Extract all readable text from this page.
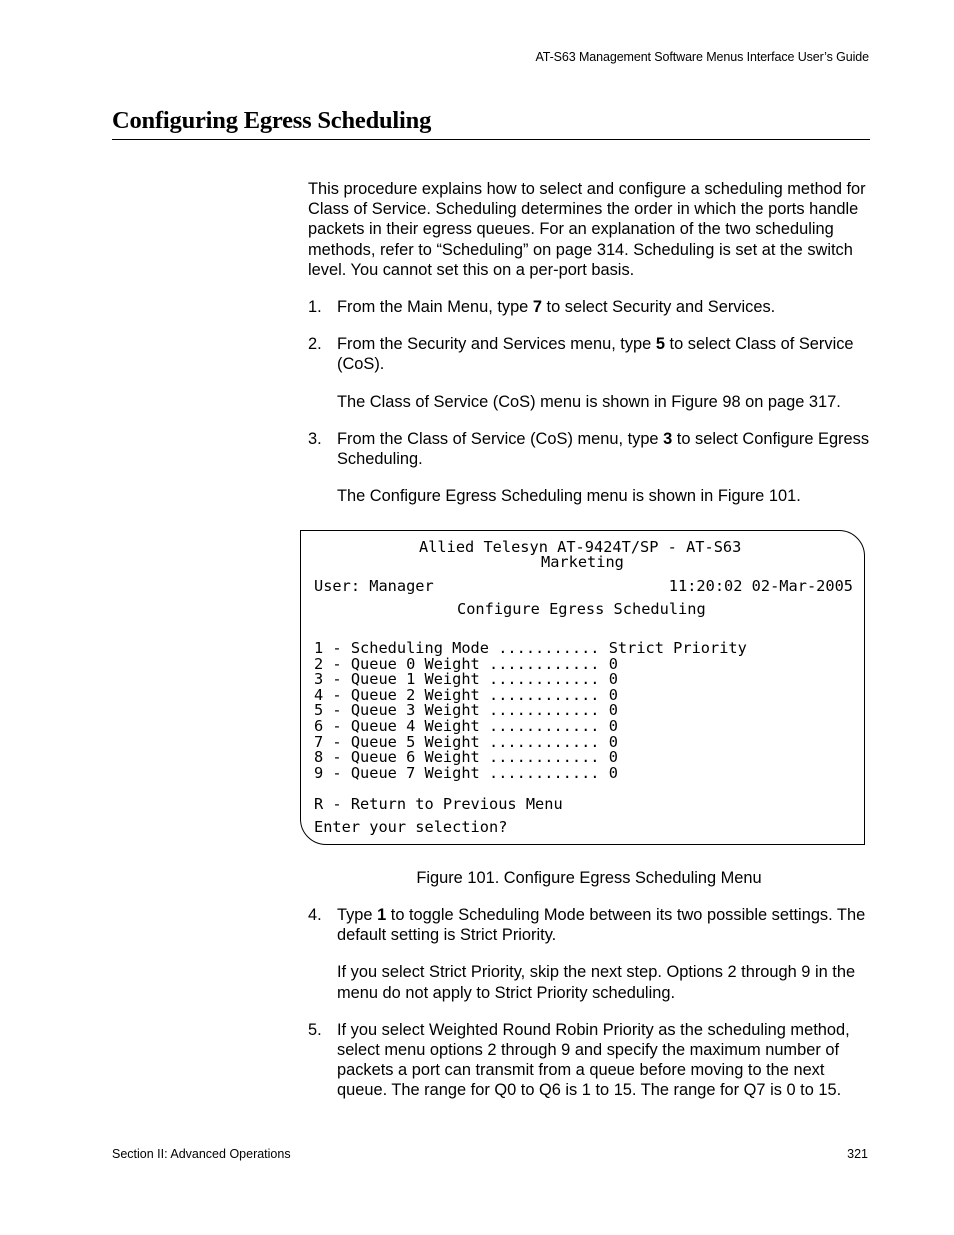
AT-S63 Management Software Menus Interface User’s Guide
Configuring Egress Scheduling

This procedure explains how to select and configure a scheduling method for Class of Service. Scheduling determines the order in which the ports handle packets in their egress queues. For an explanation of the two scheduling methods, refer to “Scheduling” on page 314. Scheduling is set at the switch level. You cannot set this on a per-port basis.

1. From the Main Menu, type 7 to select Security and Services.
2. From the Security and Services menu, type 5 to select Class of Service (CoS).

The Class of Service (CoS) menu is shown in Figure 98 on page 317.

3. From the Class of Service (CoS) menu, type 3 to select Configure Egress Scheduling.

The Configure Egress Scheduling menu is shown in Figure 101.

Allied Telesyn AT-9424T/SP - AT-S63
Marketing
User: Manager	11:20:02 02-Mar-2005
Configure Egress Scheduling
1 - Scheduling Mode ........... Strict Priority
2 - Queue 0 Weight ............ 0
3 - Queue 1 Weight ............ 0
4 - Queue 2 Weight ............ 0
5 - Queue 3 Weight ............ 0
6 - Queue 4 Weight ............ 0
7 - Queue 5 Weight ............ 0
8 - Queue 6 Weight ............ 0
9 - Queue 7 Weight ............ 0
R - Return to Previous Menu
Enter your selection?
Figure 101. Configure Egress Scheduling Menu
4. Type 1 to toggle Scheduling Mode between its two possible settings. The default setting is Strict Priority.

If you select Strict Priority, skip the next step. Options 2 through 9 in the menu do not apply to Strict Priority scheduling.

5. If you select Weighted Round Robin Priority as the scheduling method, select menu options 2 through 9 and specify the maximum number of packets a port can transmit from a queue before moving to the next queue. The range for Q0 to Q6 is 1 to 15. The range for Q7 is 0 to 15.
Section II: Advanced Operations	321
